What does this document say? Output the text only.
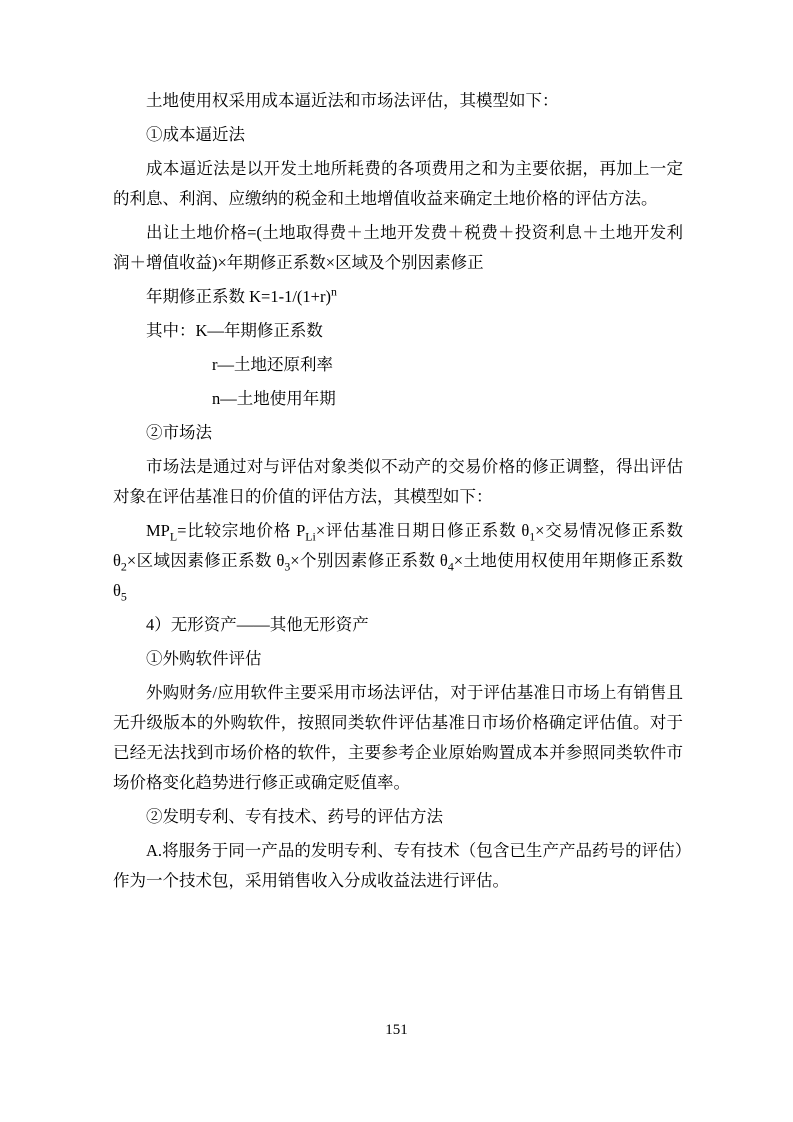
土地使用权采用成本逼近法和市场法评估，其模型如下：

①成本逼近法

成本逼近法是以开发土地所耗费的各项费用之和为主要依据，再加上一定的利息、利润、应缴纳的税金和土地增值收益来确定土地价格的评估方法。

出让土地价格=(土地取得费＋土地开发费＋税费＋投资利息＋土地开发利润＋增值收益)×年期修正系数×区域及个别因素修正

年期修正系数 $K=1-1/(1+r)^n$

其中：K—年期修正系数

r—土地还原利率

n—土地使用年期

②市场法

市场法是通过对与评估对象类似不动产的交易价格的修正调整，得出评估对象在评估基准日的价值的评估方法，其模型如下：

$MP_L=$比较宗地价格 $P_{Li}\times$评估基准日期日修正系数 $\theta_1\times$交易情况修正系数 $\theta_2\times$区域因素修正系数 $\theta_3\times$个别因素修正系数 $\theta_4\times$土地使用权使用年期修正系数 $\theta_5$

4）无形资产——其他无形资产

①外购软件评估

外购财务/应用软件主要采用市场法评估，对于评估基准日市场上有销售且无升级版本的外购软件，按照同类软件评估基准日市场价格确定评估值。对于已经无法找到市场价格的软件，主要参考企业原始购置成本并参照同类软件市场价格变化趋势进行修正或确定贬值率。

②发明专利、专有技术、药号的评估方法

A.将服务于同一产品的发明专利、专有技术（包含已生产产品药号的评估）作为一个技术包，采用销售收入分成收益法进行评估。

151
